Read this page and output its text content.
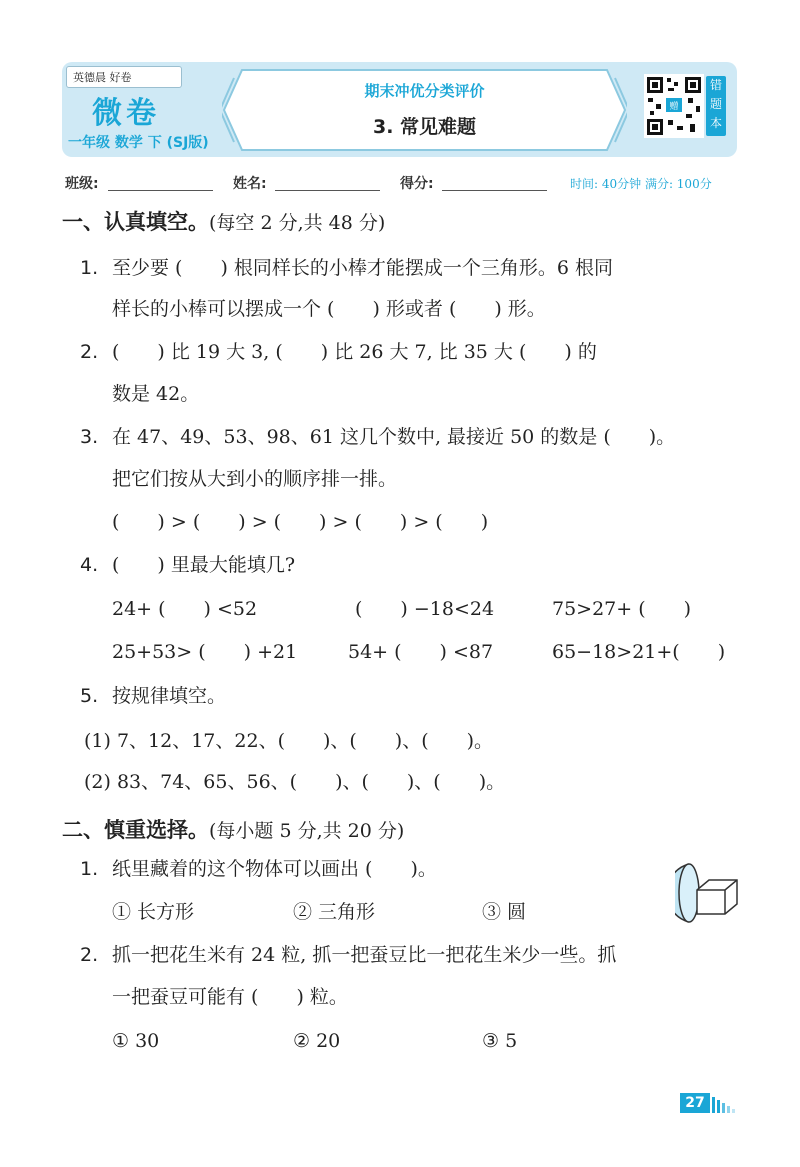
英德晨 好卷
微卷
一年级 数学 下 (SJ版)
期末冲优分类评价
3. 常见难题
赠
错
题
本
班级:	姓名:	得分:	时间: 40分钟 满分: 100分
一、认真填空。(每空 2 分,共 48 分)
1. 至少要 (　　) 根同样长的小棒才能摆成一个三角形。6 根同
样长的小棒可以摆成一个 (　　) 形或者 (　　) 形。
2. (　　) 比 19 大 3, (　　) 比 26 大 7, 比 35 大 (　　) 的
数是 42。
3. 在 47、49、53、98、61 这几个数中, 最接近 50 的数是 (　　)。
把它们按从大到小的顺序排一排。
(　　) > (　　) > (　　) > (　　) > (　　)
4. (　　) 里最大能填几?
24+ (　　) <52	(　　) −18<24	75>27+ (　　)
25+53> (　　) +21	54+ (　　) <87	65−18>21+(　　)
5. 按规律填空。
(1) 7、12、17、22、(　　)、(　　)、(　　)。
(2) 83、74、65、56、(　　)、(　　)、(　　)。
二、慎重选择。(每小题 5 分,共 20 分)
1. 纸里藏着的这个物体可以画出 (　　)。
① 长方形	② 三角形	③ 圆
2. 抓一把花生米有 24 粒, 抓一把蚕豆比一把花生米少一些。抓
一把蚕豆可能有 (　　) 粒。
① 30	② 20	③ 5
27
